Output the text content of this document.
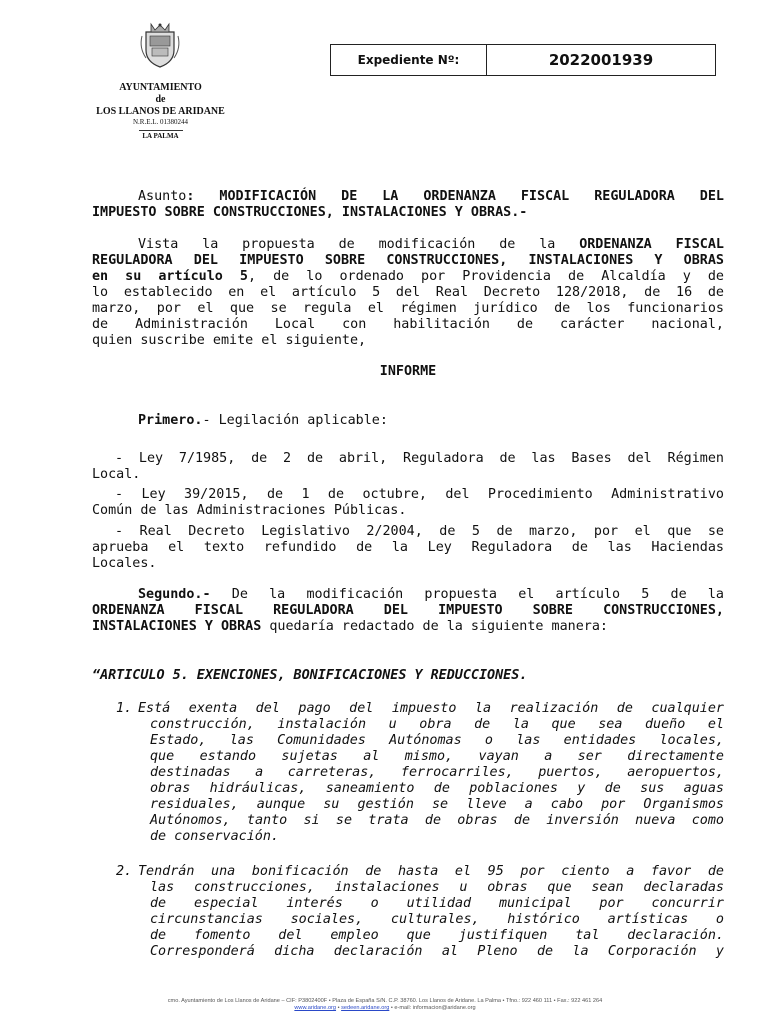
AYUNTAMIENTO
de
LOS LLANOS DE ARIDANE
N.R.E.L. 01380244
LA PALMA
Expediente Nº:	2022001939
Asunto: MODIFICACIÓN DE LA ORDENANZA FISCAL REGULADORA DEL
IMPUESTO SOBRE CONSTRUCCIONES, INSTALACIONES Y OBRAS.-
Vista la propuesta de modificación de la ORDENANZA FISCAL
REGULADORA DEL IMPUESTO SOBRE CONSTRUCCIONES, INSTALACIONES Y OBRAS
en su artículo 5, de lo ordenado por Providencia de Alcaldía y de
lo establecido en el artículo 5 del Real Decreto 128/2018, de 16 de
marzo, por el que se regula el régimen jurídico de los funcionarios
de Administración Local con habilitación de carácter nacional,
quien suscribe emite el siguiente,
INFORME
Primero.- Legilación aplicable:
- Ley 7/1985, de 2 de abril, Reguladora de las Bases del Régimen
Local.
- Ley 39/2015, de 1 de octubre, del Procedimiento Administrativo
Común de las Administraciones Públicas.
- Real Decreto Legislativo 2/2004, de 5 de marzo, por el que se
aprueba el texto refundido de la Ley Reguladora de las Haciendas
Locales.
Segundo.- De la modificación propuesta el artículo 5 de la
ORDENANZA FISCAL REGULADORA DEL IMPUESTO SOBRE CONSTRUCCIONES,
INSTALACIONES Y OBRAS quedaría redactado de la siguiente manera:
“ARTICULO 5. EXENCIONES, BONIFICACIONES Y REDUCCIONES.
1. Está exenta del pago del impuesto la realización de cualquier
construcción, instalación u obra de la que sea dueño el
Estado, las Comunidades Autónomas o las entidades locales,
que estando sujetas al mismo, vayan a ser directamente
destinadas a carreteras, ferrocarriles, puertos, aeropuertos,
obras hidráulicas, saneamiento de poblaciones y de sus aguas
residuales, aunque su gestión se lleve a cabo por Organismos
Autónomos, tanto si se trata de obras de inversión nueva como
de conservación.
2. Tendrán una bonificación de hasta el 95 por ciento a favor de
las construcciones, instalaciones u obras que sean declaradas
de especial interés o utilidad municipal por concurrir
circunstancias sociales, culturales, histórico artísticas o
de fomento del empleo que justifiquen tal declaración.
Corresponderá dicha declaración al Pleno de la Corporación y
cmo. Ayuntamiento de Los Llanos de Aridane – CIF: P3802400F • Plaza de España S/N. C.P. 38760. Los Llanos de Aridane. La Palma • Tfno.: 922 460 111 • Fax.: 922 461 264
www.aridane.org • sedeen.aridane.org • e-mail: informacion@aridane.org
